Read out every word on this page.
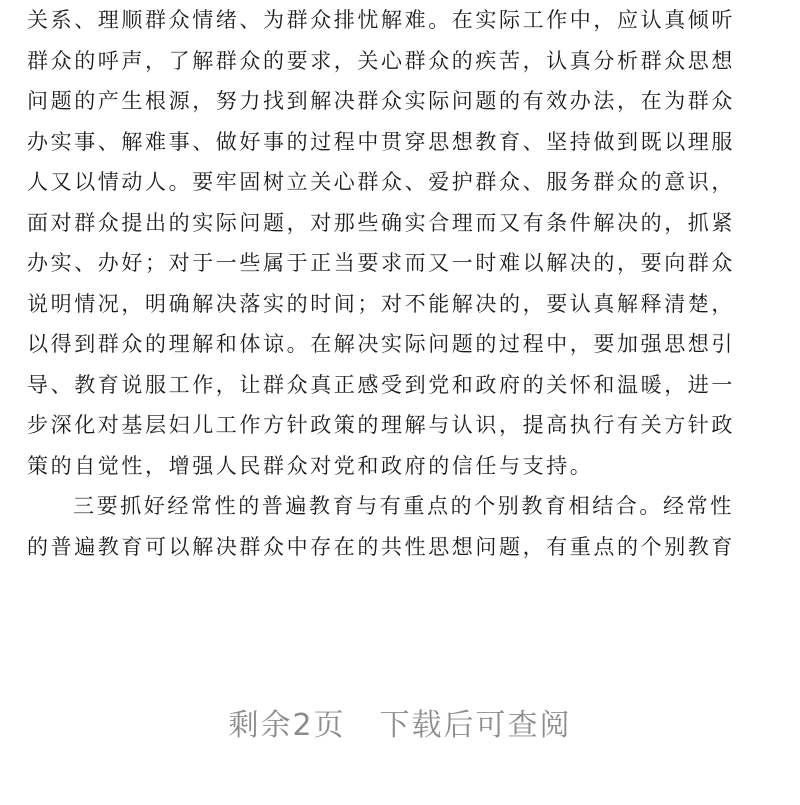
关系、理顺群众情绪、为群众排忧解难。在实际工作中，应认真倾听
群众的呼声，了解群众的要求，关心群众的疾苦，认真分析群众思想
问题的产生根源，努力找到解决群众实际问题的有效办法，在为群众
办实事、解难事、做好事的过程中贯穿思想教育、坚持做到既以理服
人又以情动人。要牢固树立关心群众、爱护群众、服务群众的意识，
面对群众提出的实际问题，对那些确实合理而又有条件解决的，抓紧
办实、办好；对于一些属于正当要求而又一时难以解决的，要向群众
说明情况，明确解决落实的时间；对不能解决的，要认真解释清楚，
以得到群众的理解和体谅。在解决实际问题的过程中，要加强思想引
导、教育说服工作，让群众真正感受到党和政府的关怀和温暖，进一
步深化对基层妇儿工作方针政策的理解与认识，提高执行有关方针政
策的自觉性，增强人民群众对党和政府的信任与支持。
三要抓好经常性的普遍教育与有重点的个别教育相结合。经常性
的普遍教育可以解决群众中存在的共性思想问题，有重点的个别教育
剩余2页 下载后可查阅
